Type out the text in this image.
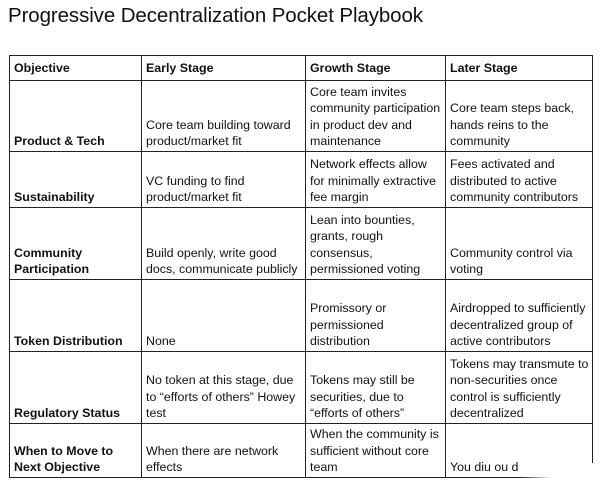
Progressive Decentralization Pocket Playbook
Objective	Early Stage	Growth Stage	Later Stage
Product & Tech	Core team building toward product/market fit	Core team invites community participation in product dev and maintenance	Core team steps back, hands reins to the community
Sustainability	VC funding to find product/market fit	Network effects allow for minimally extractive fee margin	Fees activated and distributed to active community contributors
Community Participation	Build openly, write good docs, communicate publicly	Lean into bounties, grants, rough consensus, permissioned voting	Community control via voting
Token Distribution	None	Promissory or permissioned distribution	Airdropped to sufficiently decentralized group of active contributors
Regulatory Status	No token at this stage, due to “efforts of others” Howey test	Tokens may still be securities, due to “efforts of others”	Tokens may transmute to non-securities once control is sufficiently decentralized
When to Move to Next Objective	When there are network effects	When the community is sufficient without core team	You diu ou d
